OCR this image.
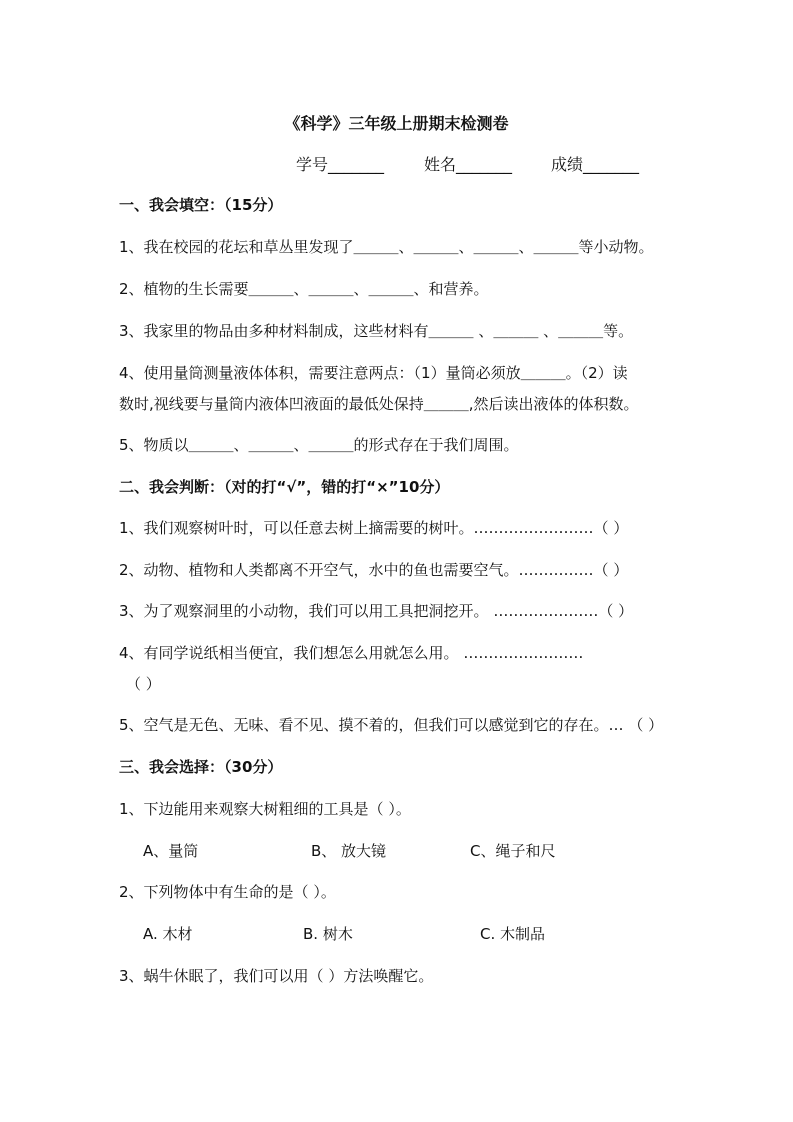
《科学》三年级上册期末检测卷
学号_______ 姓名_______ 成绩_______
一、我会填空：（15分）
1、我在校园的花坛和草丛里发现了＿＿＿、＿＿＿、＿＿＿、＿＿＿等小动物。
2、植物的生长需要＿＿＿、＿＿＿、＿＿＿、和营养。
3、我家里的物品由多种材料制成，这些材料有＿＿＿ 、＿＿＿ 、＿＿＿等。
4、使用量筒测量液体体积，需要注意两点：（1）量筒必须放＿＿＿。（2）读
数时,视线要与量筒内液体凹液面的最低处保持＿＿＿,然后读出液体的体积数。
5、物质以＿＿＿、＿＿＿、＿＿＿的形式存在于我们周围。
二、我会判断：（对的打“√”，错的打“×”10分）
1、我们观察树叶时，可以任意去树上摘需要的树叶。……………………（ ）
2、动物、植物和人类都离不开空气，水中的鱼也需要空气。……………（ ）
3、为了观察洞里的小动物，我们可以用工具把洞挖开。 …………………（ ）
4、有同学说纸相当便宜，我们想怎么用就怎么用。 ……………………
（ ）
5、空气是无色、无味、看不见、摸不着的，但我们可以感觉到它的存在。… （ ）
三、我会选择：（30分）
1、下边能用来观察大树粗细的工具是（ ）。
A、量筒	B、 放大镜	C、绳子和尺
2、下列物体中有生命的是（ ）。
A. 木材	B. 树木	C. 木制品
3、蜗牛休眠了，我们可以用（ ）方法唤醒它。
